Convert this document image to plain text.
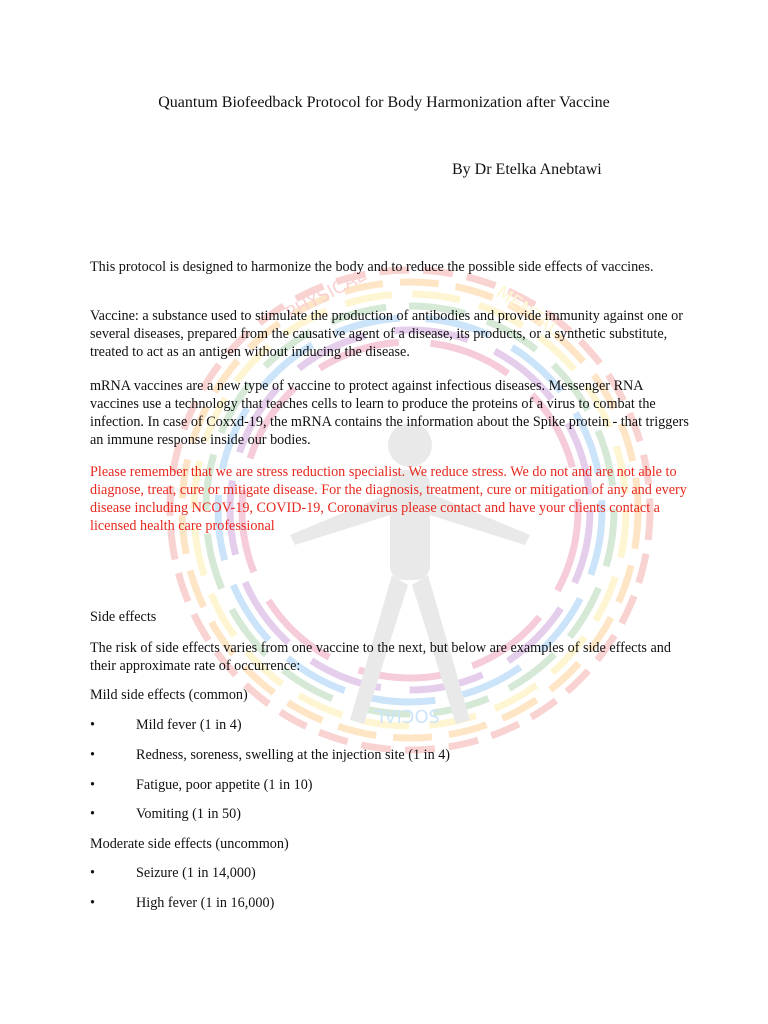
PHYSICAL	MENTAL
SOCIAL
Quantum Biofeedback Protocol for Body Harmonization after Vaccine
By Dr Etelka Anebtawi

This protocol is designed to harmonize the body and to reduce the possible side effects of vaccines.

Vaccine: a substance used to stimulate the production of antibodies and provide immunity against one or several diseases, prepared from the causative agent of a disease, its products, or a synthetic substitute, treated to act as an antigen without inducing the disease.

mRNA vaccines are a new type of vaccine to protect against infectious diseases. Messenger RNA vaccines use a technology that teaches cells to learn to produce the proteins of a virus to combat the infection. In case of Coxxd-19, the mRNA contains the information about the Spike protein - that triggers an immune response inside our bodies.

Please remember that we are stress reduction specialist. We reduce stress. We do not and are not able to diagnose, treat, cure or mitigate disease. For the diagnosis, treatment, cure or mitigation of any and every disease including NCOV-19, COVID-19, Coronavirus please contact and have your clients contact a licensed health care professional

Side effects

The risk of side effects varies from one vaccine to the next, but below are examples of side effects and their approximate rate of occurrence:

Mild side effects (common)
•	Mild fever (1 in 4)
•	Redness, soreness, swelling at the injection site (1 in 4)
•	Fatigue, poor appetite (1 in 10)
•	Vomiting (1 in 50)
Moderate side effects (uncommon)
•	Seizure (1 in 14,000)
•	High fever (1 in 16,000)
